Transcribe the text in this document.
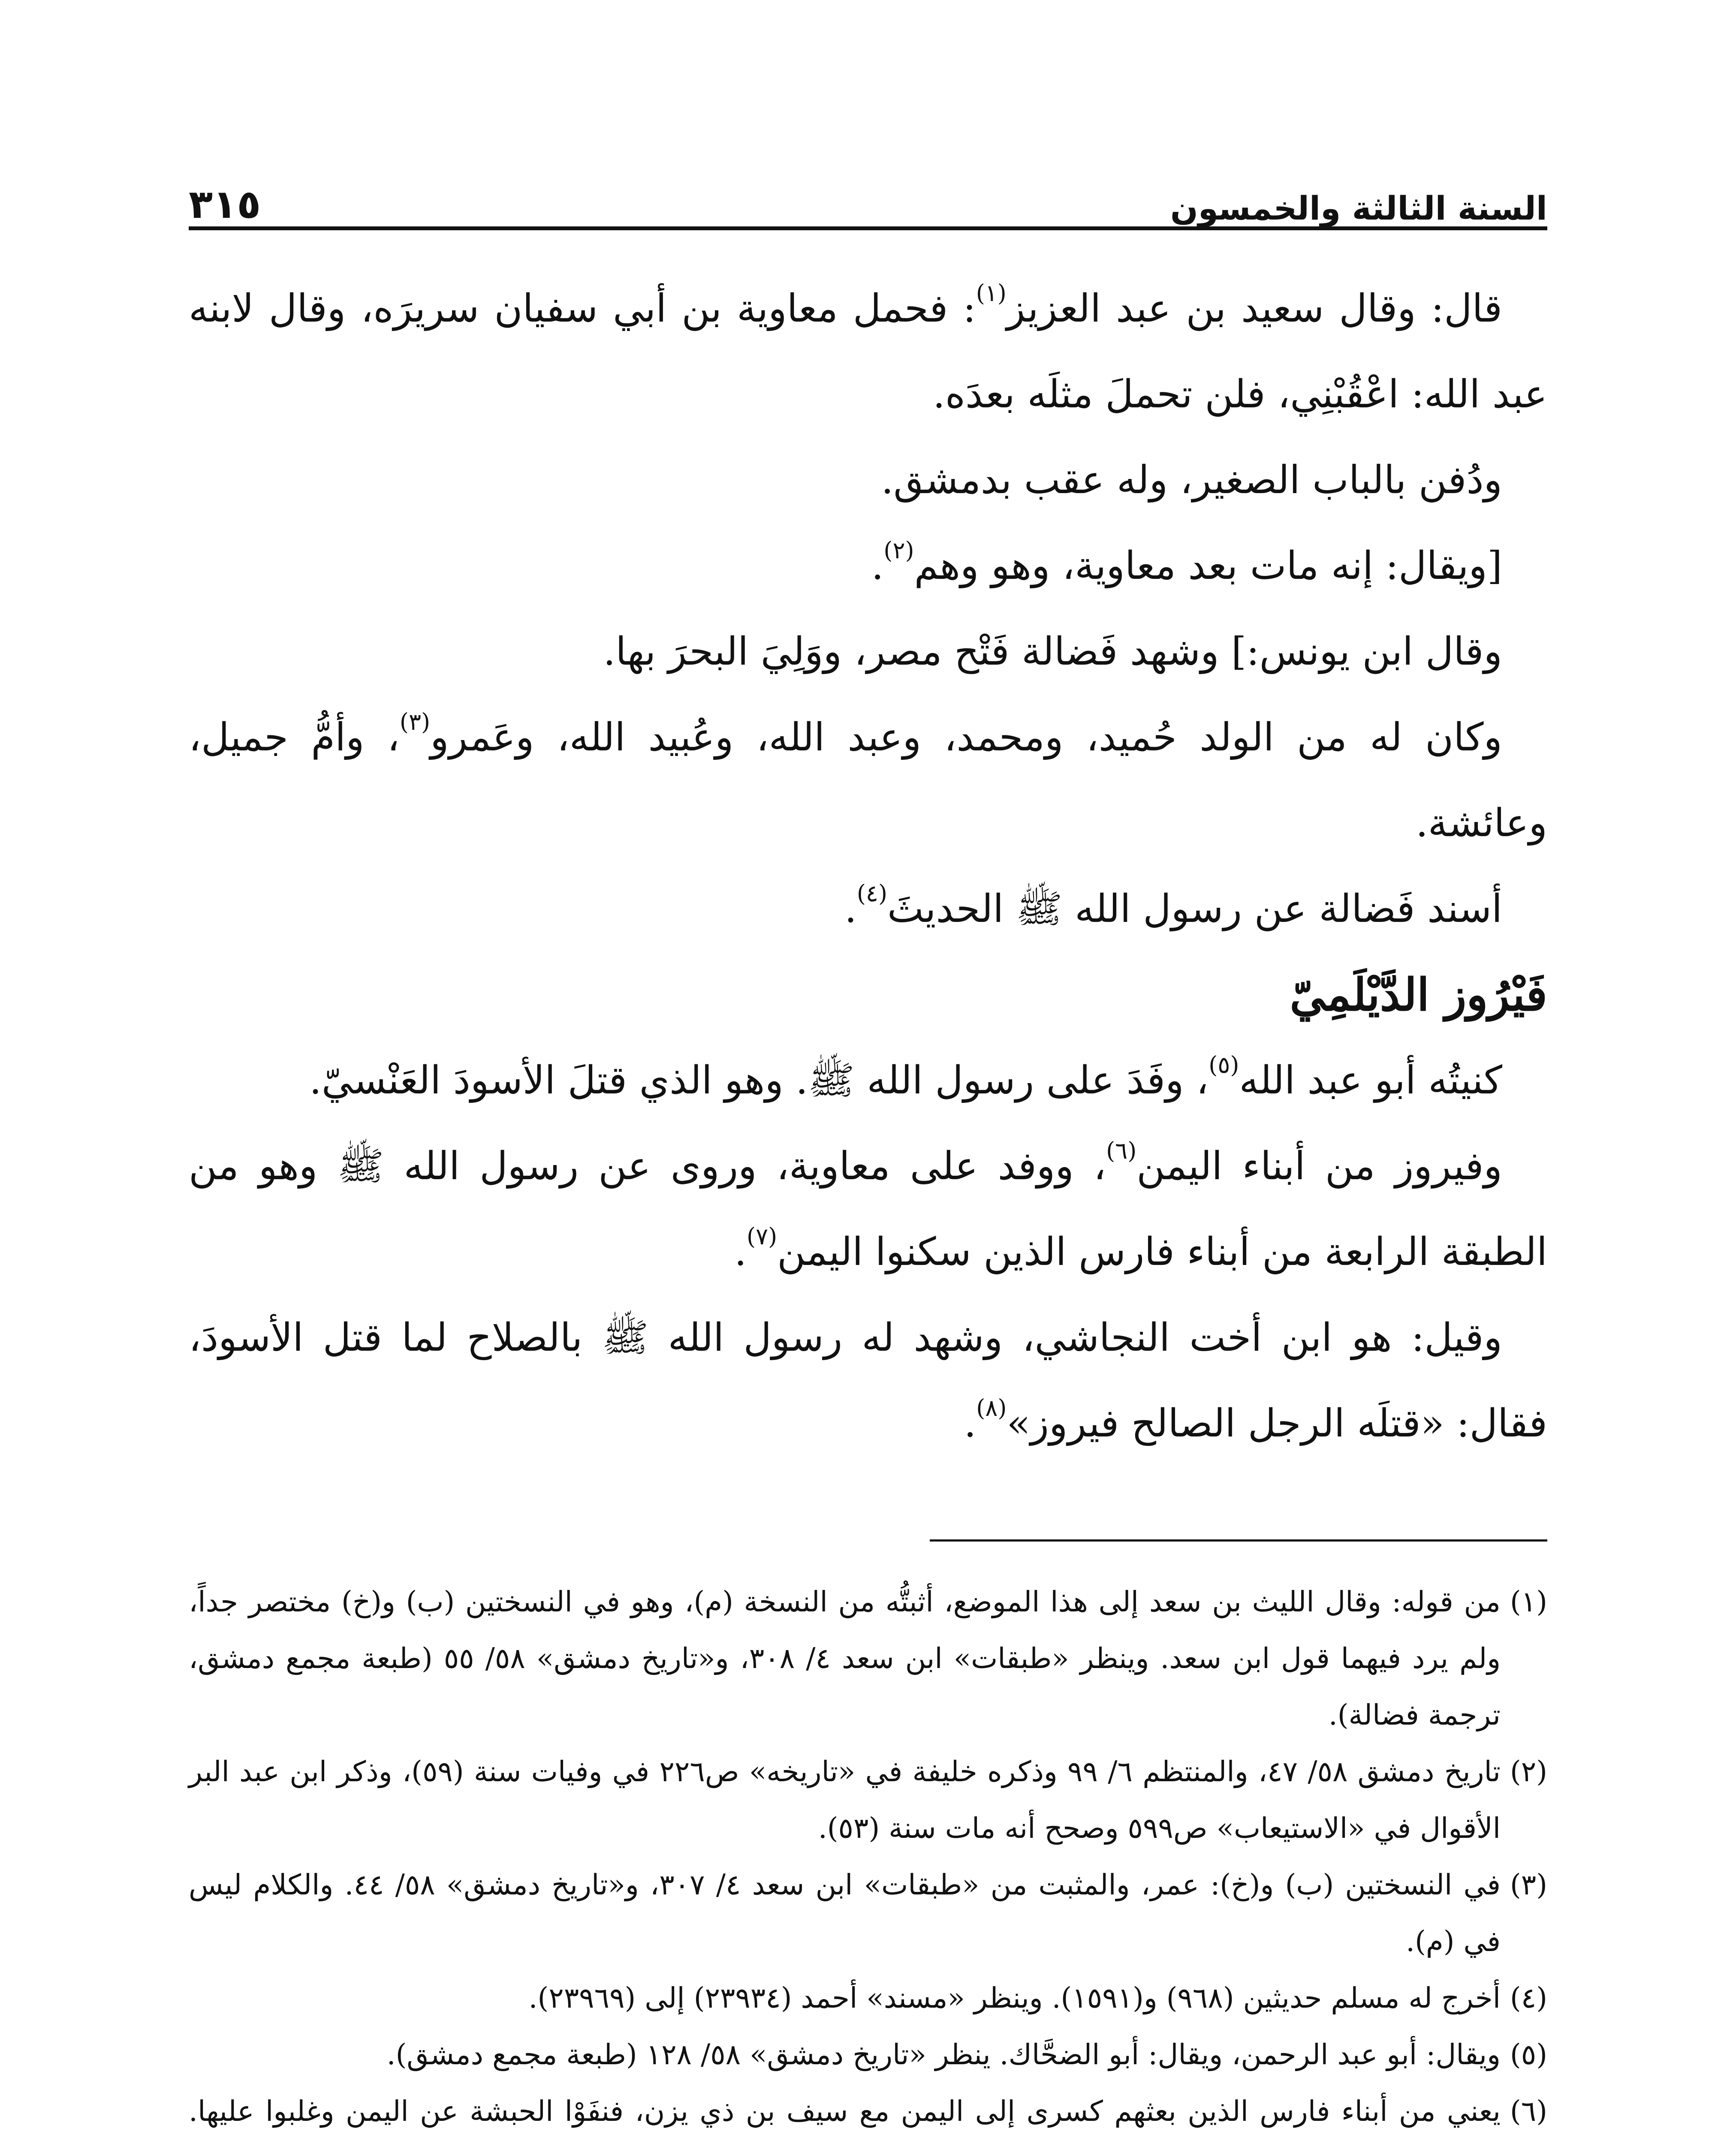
السنة الثالثة والخمسون
٣١٥

قال: وقال سعيد بن عبد العزيز$^{(١)}$: فحمل معاوية بن أبي سفيان سريرَه، وقال لابنه عبد الله: اعْقُبْنِي، فلن تحملَ مثلَه بعدَه.

ودُفن بالباب الصغير، وله عقب بدمشق.

[ويقال: إنه مات بعد معاوية، وهو وهم$^{(٢)}$.

وقال ابن يونس:] وشهد فَضالة فَتْح مصر، ووَلِيَ البحرَ بها.

وكان له من الولد حُميد، ومحمد، وعبد الله، وعُبيد الله، وعَمرو$^{(٣)}$، وأمُّ جميل، وعائشة.

أسند فَضالة عن رسول الله ﷺ الحديثَ$^{(٤)}$.

فَيْرُوز الدَّيْلَمِيّ

كنيتُه أبو عبد الله$^{(٥)}$، وفَدَ على رسول الله ﷺ. وهو الذي قتلَ الأسودَ العَنْسيّ.

وفيروز من أبناء اليمن$^{(٦)}$، ووفد على معاوية، وروى عن رسول الله ﷺ وهو من الطبقة الرابعة من أبناء فارس الذين سكنوا اليمن$^{(٧)}$.

وقيل: هو ابن أخت النجاشي، وشهد له رسول الله ﷺ بالصلاح لما قتل الأسودَ، فقال: «قتلَه الرجل الصالح فيروز»$^{(٨)}$.

(١)
من قوله: وقال الليث بن سعد إلى هذا الموضع، أثبتُّه من النسخة (م)، وهو في النسختين (ب) و(خ) مختصر جداً، ولم يرد فيهما قول ابن سعد. وينظر «طبقات» ابن سعد ٤/ ٣٠٨، و«تاريخ دمشق» ٥٨/ ٥٥ (طبعة مجمع دمشق، ترجمة فضالة).
(٢)
تاريخ دمشق ٥٨/ ٤٧، والمنتظم ٦/ ٩٩ وذكره خليفة في «تاريخه» ص٢٢٦ في وفيات سنة (٥٩)، وذكر ابن عبد البر الأقوال في «الاستيعاب» ص٥٩٩ وصحح أنه مات سنة (٥٣).
(٣)
في النسختين (ب) و(خ): عمر، والمثبت من «طبقات» ابن سعد ٤/ ٣٠٧، و«تاريخ دمشق» ٥٨/ ٤٤. والكلام ليس في (م).
(٤)
أخرج له مسلم حديثين (٩٦٨) و(١٥٩١). وينظر «مسند» أحمد (٢٣٩٣٤) إلى (٢٣٩٦٩).
(٥)
ويقال: أبو عبد الرحمن، ويقال: أبو الضحَّاك. ينظر «تاريخ دمشق» ٥٨/ ١٢٨ (طبعة مجمع دمشق).
(٦)
يعني من أبناء فارس الذين بعثهم كسرى إلى اليمن مع سيف بن ذي يزن، فنفَوْا الحبشة عن اليمن وغلبوا عليها.
